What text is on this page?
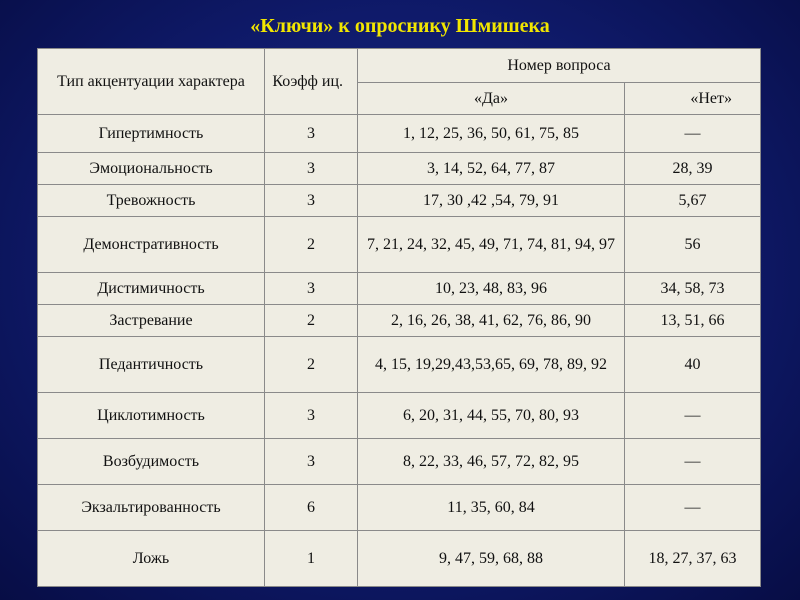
«Ключи» к опроснику Шмишека
Тип акцентуации характера	Коэфф иц.	Номер вопроса	
		«Да»	«Нет»
Гипертимность	3	1, 12, 25, 36, 50, 61, 75, 85	—
Эмоциональность	3	3, 14, 52, 64, 77, 87	28, 39
Тревожность	3	17, 30 ,42 ,54, 79, 91	5,67
Демонстративность	2	7, 21, 24, 32, 45, 49, 71, 74, 81, 94, 97	56
Дистимичность	3	10, 23, 48, 83, 96	34, 58, 73
Застревание	2	2, 16, 26, 38, 41, 62, 76, 86, 90	13, 51, 66
Педантичность	2	4, 15, 19,29,43,53,65, 69, 78, 89, 92	40
Циклотимность	3	6, 20, 31, 44, 55, 70, 80, 93	—
Возбудимость	3	8, 22, 33, 46, 57, 72, 82, 95	—
Экзальтированность	6	11, 35, 60, 84	—
Ложь	1	9, 47, 59, 68, 88	18, 27, 37, 63
